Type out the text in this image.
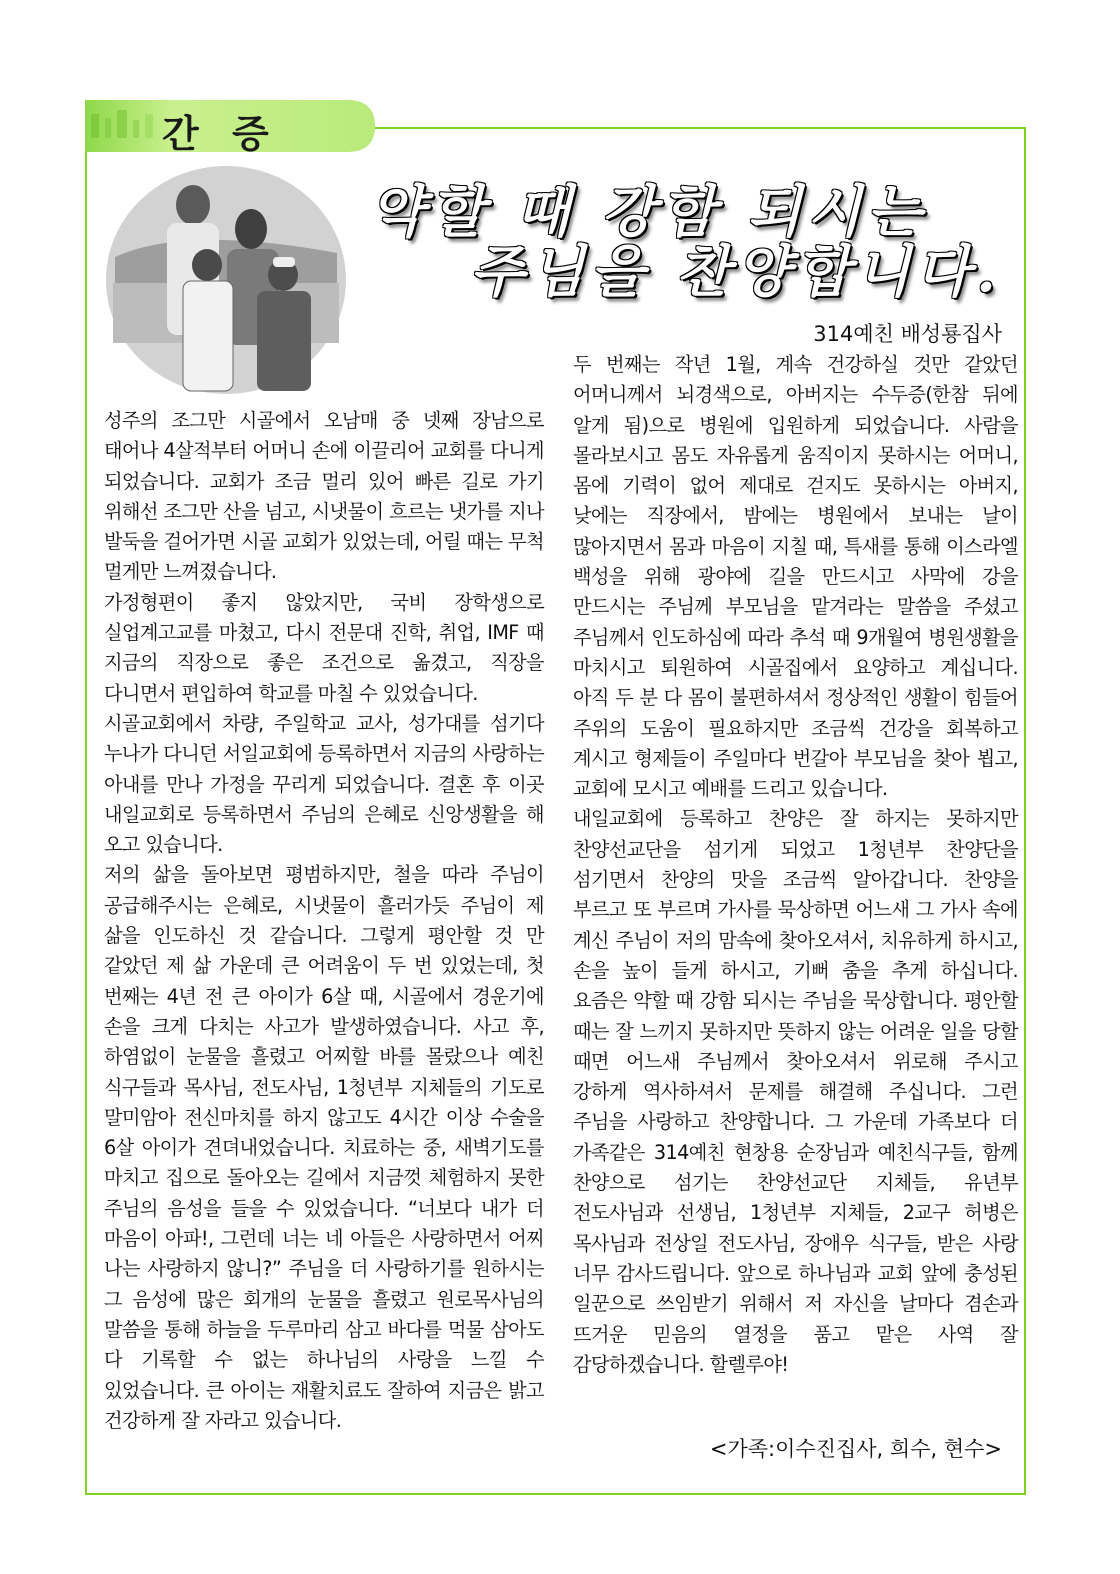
간 증
약할 때 강함 되시는
주님을 찬양합니다.
314예친 배성룡집사

성주의 조그만 시골에서 오남매 중 넷째 장남으로 태어나 4살적부터 어머니 손에 이끌리어 교회를 다니게 되었습니다. 교회가 조금 멀리 있어 빠른 길로 가기 위해선 조그만 산을 넘고, 시냇물이 흐르는 냇가를 지나 발둑을 걸어가면 시골 교회가 있었는데, 어릴 때는 무척 멀게만 느껴졌습니다.

가정형편이 좋지 않았지만, 국비 장학생으로 실업계고교를 마쳤고, 다시 전문대 진학, 취업, IMF 때 지금의 직장으로 좋은 조건으로 옮겼고, 직장을 다니면서 편입하여 학교를 마칠 수 있었습니다.

시골교회에서 차량, 주일학교 교사, 성가대를 섬기다 누나가 다니던 서일교회에 등록하면서 지금의 사랑하는 아내를 만나 가정을 꾸리게 되었습니다. 결혼 후 이곳 내일교회로 등록하면서 주님의 은혜로 신앙생활을 해 오고 있습니다.

저의 삶을 돌아보면 평범하지만, 철을 따라 주님이 공급해주시는 은혜로, 시냇물이 흘러가듯 주님이 제 삶을 인도하신 것 같습니다. 그렇게 평안할 것 만 같았던 제 삶 가운데 큰 어려움이 두 번 있었는데, 첫 번째는 4년 전 큰 아이가 6살 때, 시골에서 경운기에 손을 크게 다치는 사고가 발생하였습니다. 사고 후, 하염없이 눈물을 흘렸고 어찌할 바를 몰랐으나 예친 식구들과 목사님, 전도사님, 1청년부 지체들의 기도로 말미암아 전신마치를 하지 않고도 4시간 이상 수술을 6살 아이가 견뎌내었습니다. 치료하는 중, 새벽기도를 마치고 집으로 돌아오는 길에서 지금껏 체험하지 못한 주님의 음성을 들을 수 있었습니다. “너보다 내가 더 마음이 아파!, 그런데 너는 네 아들은 사랑하면서 어찌 나는 사랑하지 않니?” 주님을 더 사랑하기를 원하시는 그 음성에 많은 회개의 눈물을 흘렸고 원로목사님의 말씀을 통해 하늘을 두루마리 삼고 바다를 먹물 삼아도 다 기록할 수 없는 하나님의 사랑을 느낄 수 있었습니다. 큰 아이는 재활치료도 잘하여 지금은 밝고 건강하게 잘 자라고 있습니다.

두 번째는 작년 1월, 계속 건강하실 것만 같았던 어머니께서 뇌경색으로, 아버지는 수두증(한참 뒤에 알게 됨)으로 병원에 입원하게 되었습니다. 사람을 몰라보시고 몸도 자유롭게 움직이지 못하시는 어머니, 몸에 기력이 없어 제대로 걷지도 못하시는 아버지, 낮에는 직장에서, 밤에는 병원에서 보내는 날이 많아지면서 몸과 마음이 지칠 때, 특새를 통해 이스라엘 백성을 위해 광야에 길을 만드시고 사막에 강을 만드시는 주님께 부모님을 맡겨라는 말씀을 주셨고 주님께서 인도하심에 따라 추석 때 9개월여 병원생활을 마치시고 퇴원하여 시골집에서 요양하고 계십니다. 아직 두 분 다 몸이 불편하셔서 정상적인 생활이 힘들어 주위의 도움이 필요하지만 조금씩 건강을 회복하고 계시고 형제들이 주일마다 번갈아 부모님을 찾아 뵙고, 교회에 모시고 예배를 드리고 있습니다.

내일교회에 등록하고 찬양은 잘 하지는 못하지만 찬양선교단을 섬기게 되었고 1청년부 찬양단을 섬기면서 찬양의 맛을 조금씩 알아갑니다. 찬양을 부르고 또 부르며 가사를 묵상하면 어느새 그 가사 속에 계신 주님이 저의 맘속에 찾아오셔서, 치유하게 하시고, 손을 높이 들게 하시고, 기뻐 춤을 추게 하십니다. 요즘은 약할 때 강함 되시는 주님을 묵상합니다. 평안할 때는 잘 느끼지 못하지만 뜻하지 않는 어려운 일을 당할 때면 어느새 주님께서 찾아오셔서 위로해 주시고 강하게 역사하셔서 문제를 해결해 주십니다. 그런 주님을 사랑하고 찬양합니다. 그 가운데 가족보다 더 가족같은 314예친 현창용 순장님과 예친식구들, 함께 찬양으로 섬기는 찬양선교단 지체들, 유년부 전도사님과 선생님, 1청년부 지체들, 2교구 허병은 목사님과 전상일 전도사님, 장애우 식구들, 받은 사랑 너무 감사드립니다. 앞으로 하나님과 교회 앞에 충성된 일꾼으로 쓰임받기 위해서 저 자신을 날마다 겸손과 뜨거운 믿음의 열정을 품고 맡은 사역 잘 감당하겠습니다. 할렐루야!

<가족:이수진집사, 희수, 현수>
